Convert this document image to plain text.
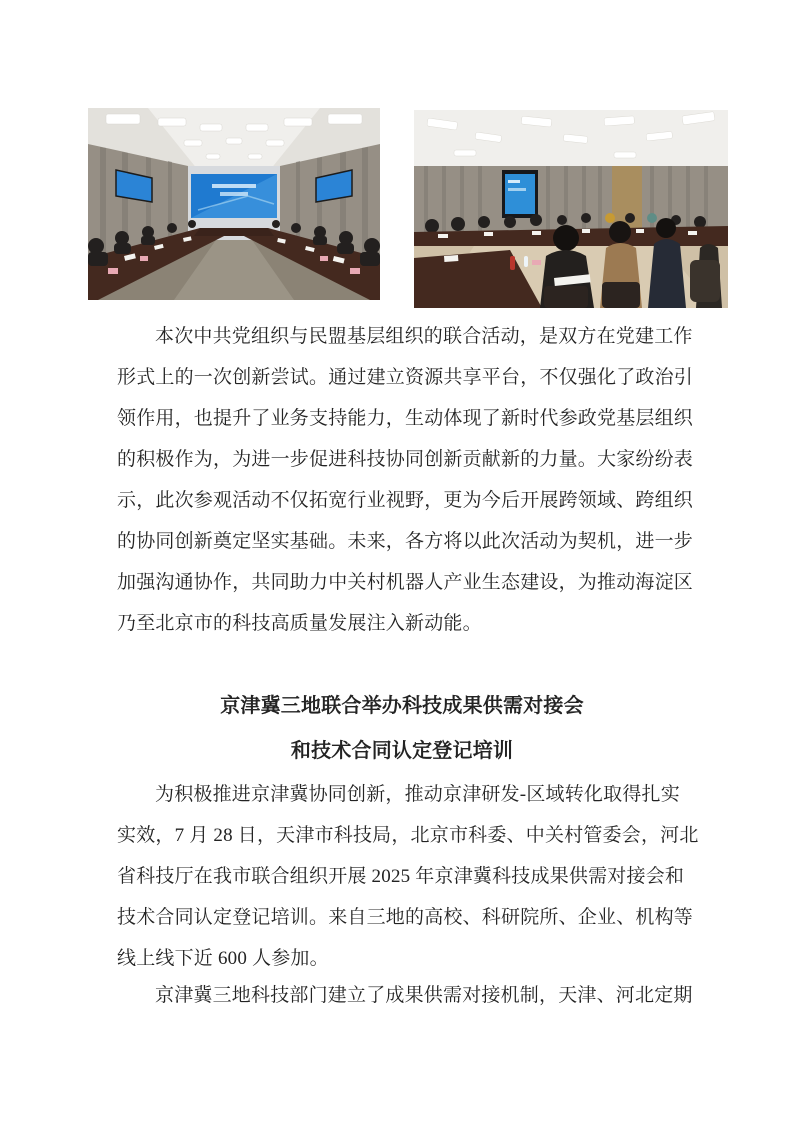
本次中共党组织与民盟基层组织的联合活动，是双方在党建工作
形式上的一次创新尝试。通过建立资源共享平台，不仅强化了政治引
领作用，也提升了业务支持能力，生动体现了新时代参政党基层组织
的积极作为，为进一步促进科技协同创新贡献新的力量。大家纷纷表
示，此次参观活动不仅拓宽行业视野，更为今后开展跨领域、跨组织
的协同创新奠定坚实基础。未来，各方将以此次活动为契机，进一步
加强沟通协作，共同助力中关村机器人产业生态建设，为推动海淀区
乃至北京市的科技高质量发展注入新动能。
京津冀三地联合举办科技成果供需对接会
和技术合同认定登记培训
为积极推进京津冀协同创新，推动京津研发-区域转化取得扎实
实效，7 月 28 日，天津市科技局，北京市科委、中关村管委会，河北
省科技厅在我市联合组织开展 2025 年京津冀科技成果供需对接会和
技术合同认定登记培训。来自三地的高校、科研院所、企业、机构等
线上线下近 600 人参加。
京津冀三地科技部门建立了成果供需对接机制，天津、河北定期
